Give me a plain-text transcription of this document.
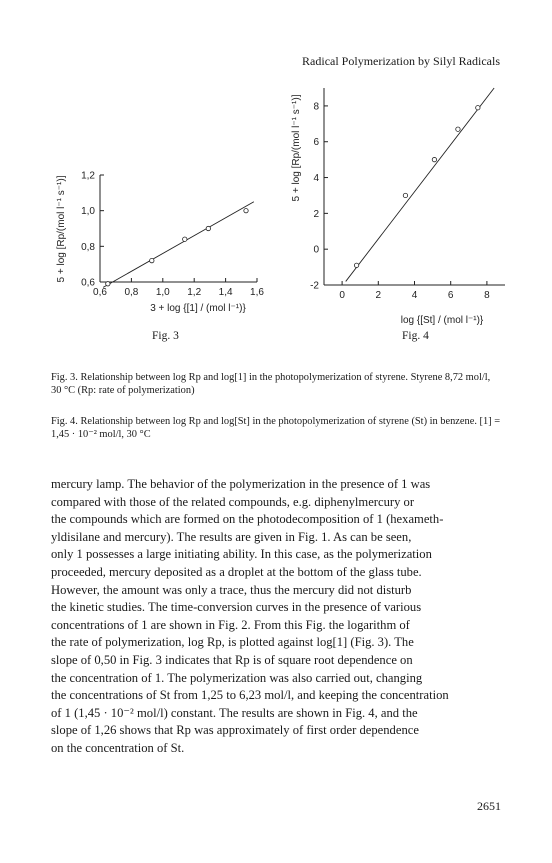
Radical Polymerization by Silyl Radicals
0,6 0,8 1,0 1,2 1,4 1,6
0,6
0,8
1,0
1,2
3 + log {[1] / (mol l⁻¹)}
5 + log [Rp/(mol l⁻¹ s⁻¹)]
0	2	4	6	8
-2
0
2
4
6
8
log {[St] / (mol l⁻¹)}
5 + log [Rp/(mol l⁻¹ s⁻¹)]
Fig. 3	Fig. 4
Fig. 3. Relationship between log Rp and log[1] in the photopolymerization of styrene. Styrene 8,72 mol/l, 30 °C (Rp: rate of polymerization)
Fig. 4. Relationship between log Rp and log[St] in the photopolymerization of styrene (St) in benzene. [1] = 1,45 · 10⁻² mol/l, 30 °C
mercury lamp. The behavior of the polymerization in the presence of 1 was
compared with those of the related compounds, e.g. diphenylmercury or
the compounds which are formed on the photodecomposition of 1 (hexameth-
yldisilane and mercury). The results are given in Fig. 1. As can be seen,
only 1 possesses a large initiating ability. In this case, as the polymerization
proceeded, mercury deposited as a droplet at the bottom of the glass tube.
However, the amount was only a trace, thus the mercury did not disturb
the kinetic studies. The time-conversion curves in the presence of various
concentrations of 1 are shown in Fig. 2. From this Fig. the logarithm of
the rate of polymerization, log Rp, is plotted against log[1] (Fig. 3). The
slope of 0,50 in Fig. 3 indicates that Rp is of square root dependence on
the concentration of 1. The polymerization was also carried out, changing
the concentrations of St from 1,25 to 6,23 mol/l, and keeping the concentration
of 1 (1,45 · 10⁻² mol/l) constant. The results are shown in Fig. 4, and the
slope of 1,26 shows that Rp was approximately of first order dependence
on the concentration of St.
2651
